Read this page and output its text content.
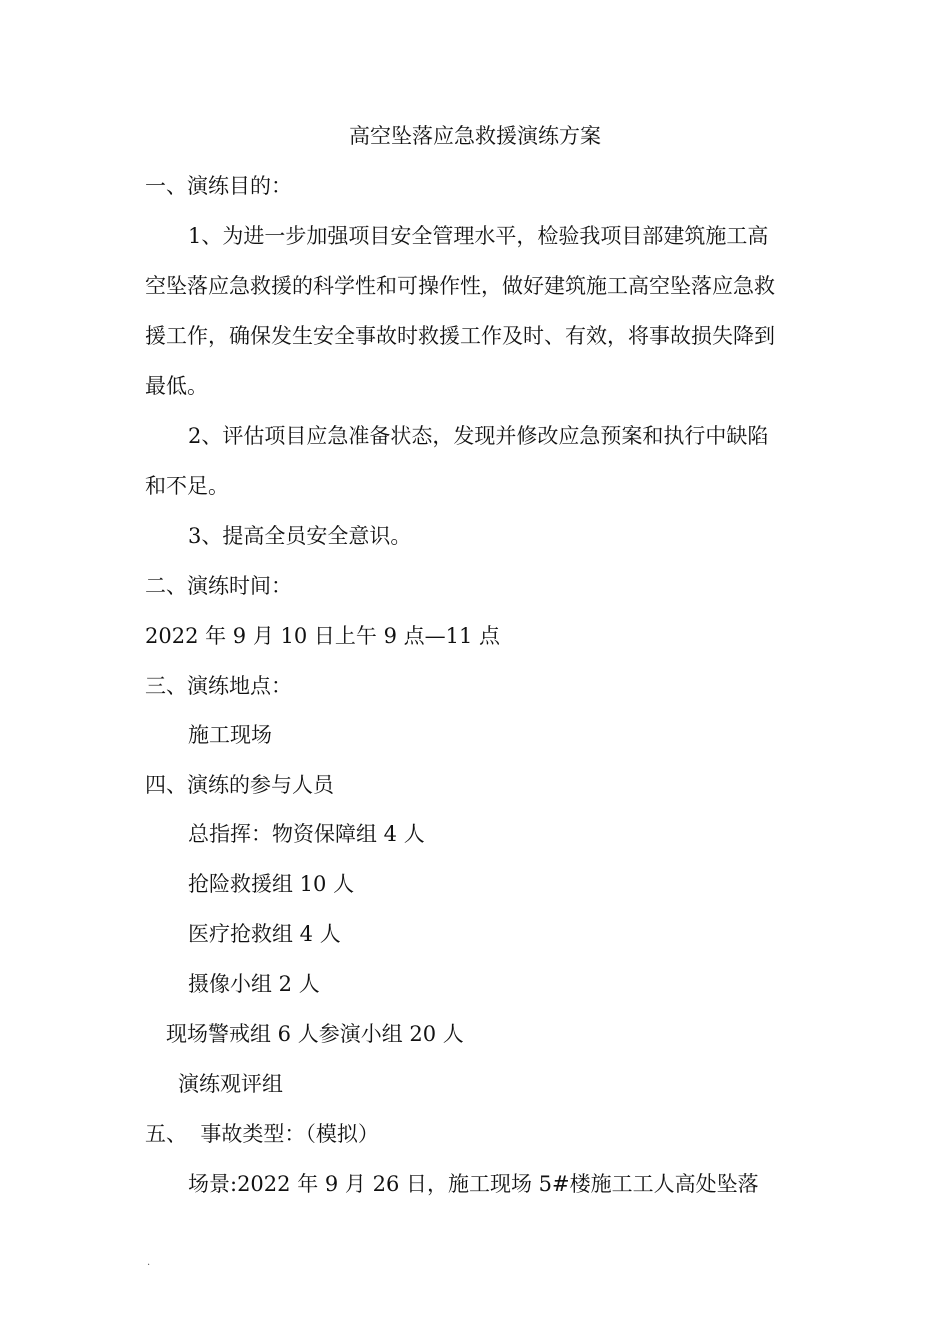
高空坠落应急救援演练方案
一、演练目的：
1、为进一步加强项目安全管理水平，检验我项目部建筑施工高
空坠落应急救援的科学性和可操作性，做好建筑施工高空坠落应急救
援工作，确保发生安全事故时救援工作及时、有效，将事故损失降到
最低。
2、评估项目应急准备状态，发现并修改应急预案和执行中缺陷
和不足。
3、提高全员安全意识。
二、演练时间：
2022 年 9 月 10 日上午 9 点—11 点
三、演练地点：
施工现场
四、演练的参与人员
总指挥：物资保障组 4 人
抢险救援组 10 人
医疗抢救组 4 人
摄像小组 2 人
现场警戒组 6 人参演小组 20 人
演练观评组
五、  事故类型：（模拟）
场景:2022 年 9 月 26 日，施工现场 5#楼施工工人高处坠落
.
